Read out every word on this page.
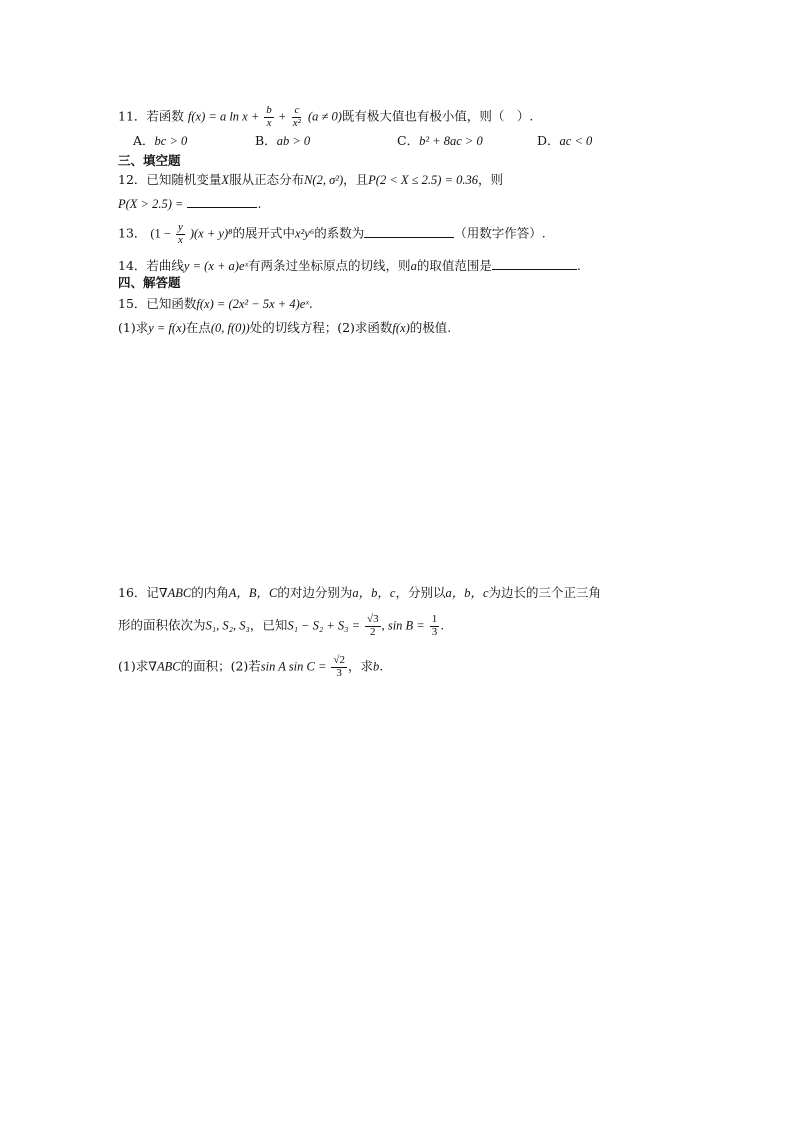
11．若函数 f(x) = a $\ln x + \frac{b}{x} + \frac{c}{\text{x²}} (a \ne 0)$既有极大值也有极小值，则（　）.
A．bc > 0	B．ab > 0	C．b² + 8ac > 0	D．ac < 0
三、填空题
12．已知随机变量X服从正态分布N(2, σ²)，且P(2 < X ≤ 2.5) = 0.36，则
P(X > 2.5) =	.
13． $(1 - \frac{y}{x} )(x + y)^8$的展开式中x²y⁶的系数为	（用数字作答）.
14．若曲线y = (x + a)eˣ有两条过坐标原点的切线，则a的取值范围是	.
四、解答题
15．已知函数f(x) = (2x² − 5x + 4)eˣ.
(1)求y = f(x)在点(0, f(0))处的切线方程；(2)求函数f(x)的极值.
16．记∇ABC的内角A，B，C的对边分别为a，b，c，分别以a，b，c为边长的三个正三角
形的面积依次为S₁, S₂, S₃，已知$S_1 - S_2 + S_3 = \frac{√3}{2}$ , $\sin B = \frac{1}{3}$ .
(1)求∇ABC的面积；(2)若sin A $\sin C = \frac{√2}{3}$ ，求b.
